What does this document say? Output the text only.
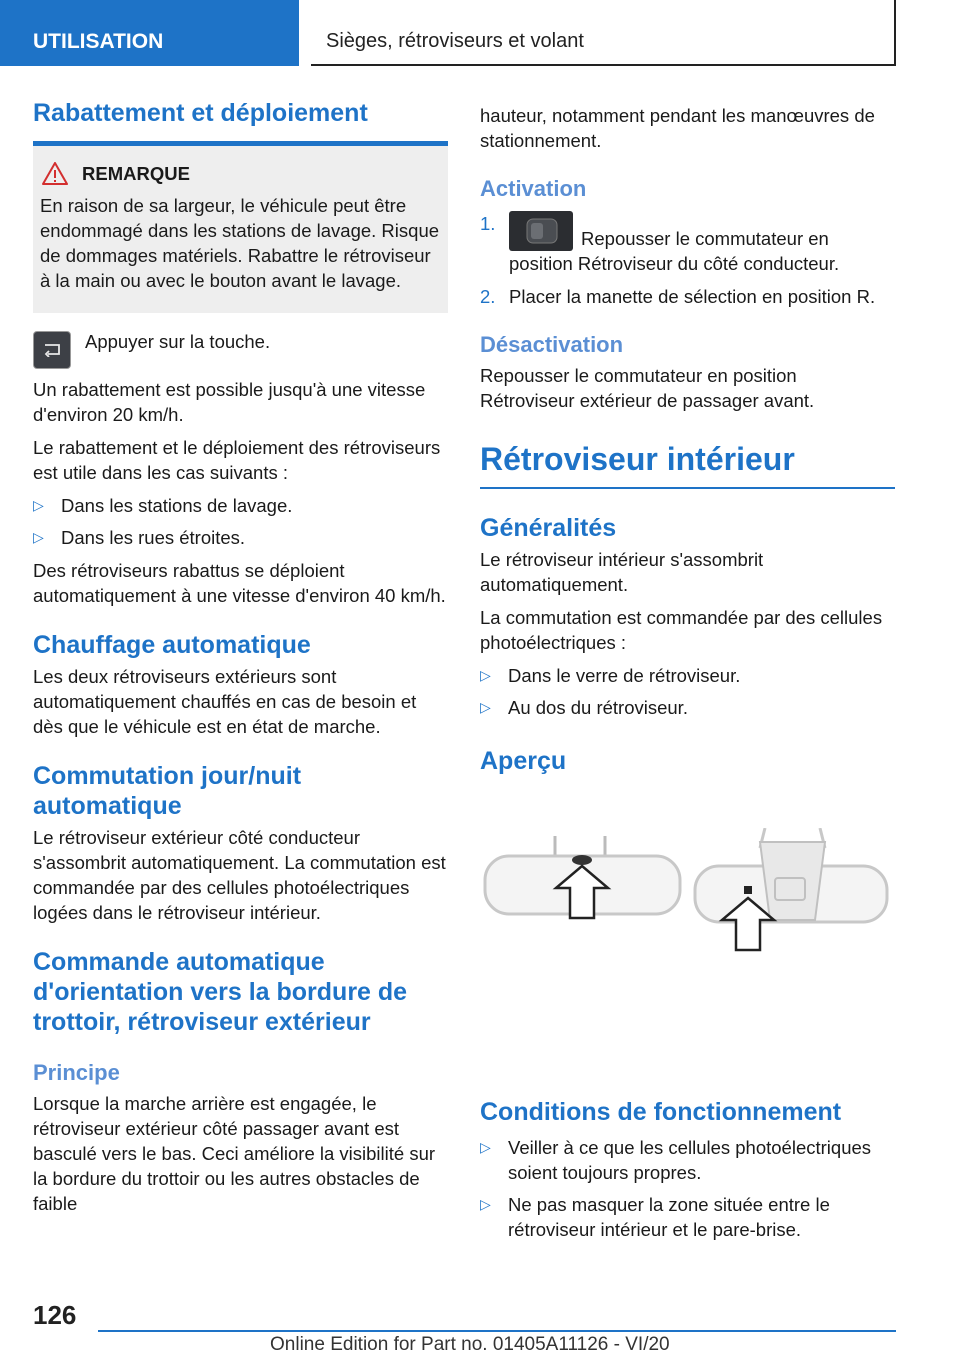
UTILISATION	Sièges, rétroviseurs et volant
Rabattement et déploiement
REMARQUE

En raison de sa largeur, le véhicule peut être endommagé dans les stations de lavage. Risque de dommages matériels. Rabattre le rétroviseur à la main ou avec le bouton avant le lavage.

Appuyer sur la touche.

Un rabattement est possible jusqu'à une vitesse d'environ 20 km/h.

Le rabattement et le déploiement des rétroviseurs est utile dans les cas suivants :

▷ Dans les stations de lavage.
▷ Dans les rues étroites.

Des rétroviseurs rabattus se déploient automatiquement à une vitesse d'environ 40 km/h.

Chauffage automatique

Les deux rétroviseurs extérieurs sont automatiquement chauffés en cas de besoin et dès que le véhicule est en état de marche.

Commutation jour/nuit automatique

Le rétroviseur extérieur côté conducteur s'assombrit automatiquement. La commutation est commandée par des cellules photoélectriques logées dans le rétroviseur intérieur.

Commande automatique d'orientation vers la bordure de trottoir, rétroviseur extérieur
Principe

Lorsque la marche arrière est engagée, le rétroviseur extérieur côté passager avant est basculé vers le bas. Ceci améliore la visibilité sur la bordure du trottoir ou les autres obstacles de faible

hauteur, notamment pendant les manœuvres de stationnement.

Activation
1.
Repousser le commutateur en position Rétroviseur du côté conducteur.
2. Placer la manette de sélection en position R.
Désactivation

Repousser le commutateur en position Rétroviseur extérieur de passager avant.

Rétroviseur intérieur
Généralités

Le rétroviseur intérieur s'assombrit automatiquement.

La commutation est commandée par des cellules photoélectriques :

▷ Dans le verre de rétroviseur.
▷ Au dos du rétroviseur.
Aperçu
Conditions de fonctionnement
▷ Veiller à ce que les cellules photoélectriques soient toujours propres.
▷ Ne pas masquer la zone située entre le rétroviseur intérieur et le pare-brise.
126
Online Edition for Part no. 01405A11126 - VI/20
